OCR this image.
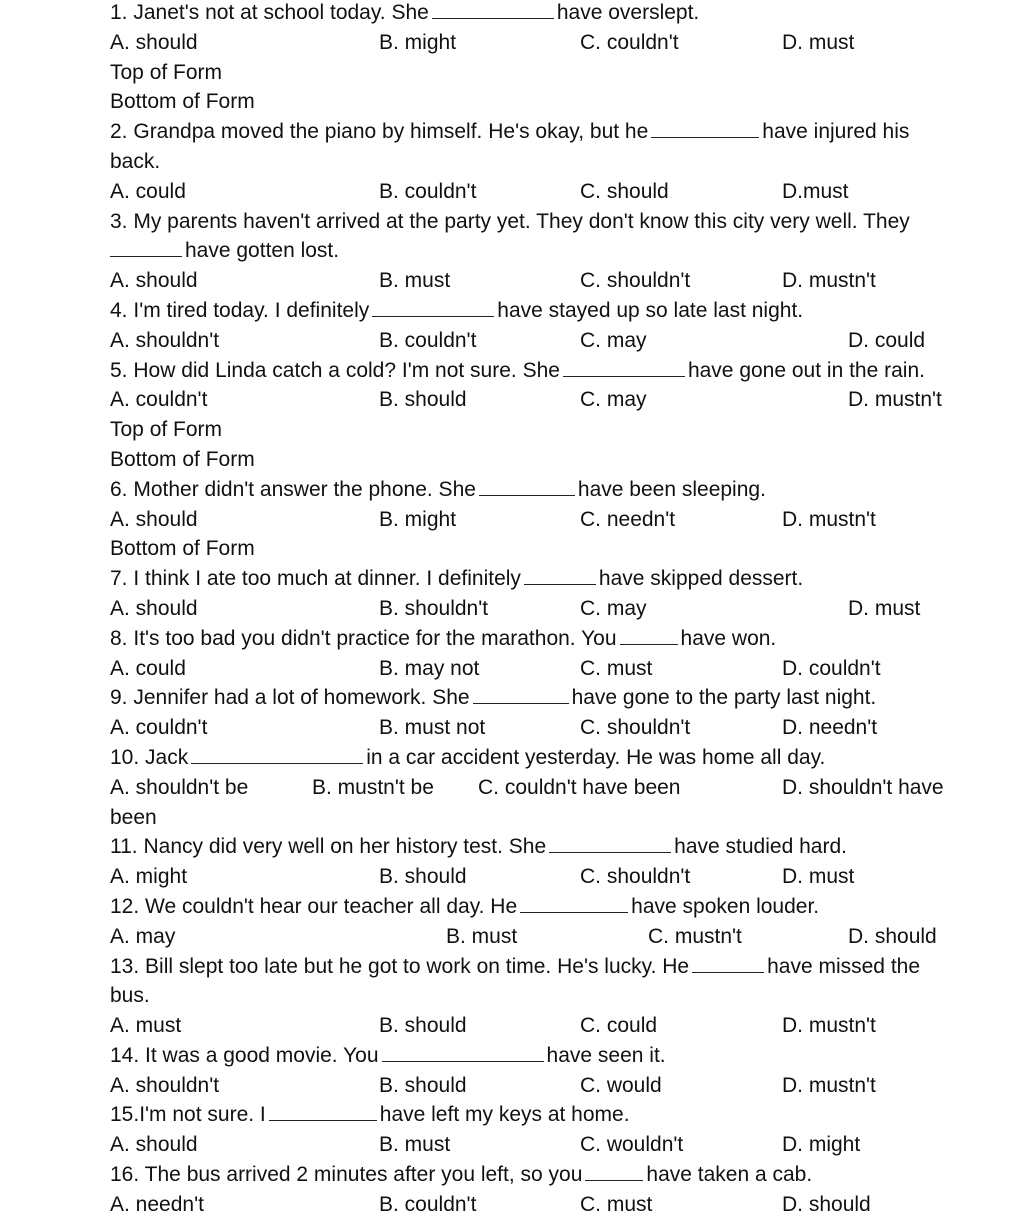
1. Janet's not at school today. She	have overslept.
A. should	B. might	C. couldn't	D. must
Top of Form
Bottom of Form
2. Grandpa moved the piano by himself. He's okay, but he	have injured his
back.
A. could	B. couldn't	C. should	D.must
3. My parents haven't arrived at the party yet. They don't know this city very well. They
have gotten lost.
A. should	B. must	C. shouldn't	D. mustn't
4. I'm tired today. I definitely	have stayed up so late last night.
A. shouldn't	B. couldn't	C. may	D. could
5. How did Linda catch a cold? I'm not sure. She	have gone out in the rain.
A. couldn't	B. should	C. may	D. mustn't
Top of Form
Bottom of Form
6. Mother didn't answer the phone. She	have been sleeping.
A. should	B. might	C. needn't	D. mustn't
Bottom of Form
7. I think I ate too much at dinner. I definitely	have skipped dessert.
A. should	B. shouldn't	C. may	D. must
8. It's too bad you didn't practice for the marathon. You	have won.
A. could	B. may not	C. must	D. couldn't
9. Jennifer had a lot of homework. She	have gone to the party last night.
A. couldn't	B. must not	C. shouldn't	D. needn't
10. Jack	in a car accident yesterday. He was home all day.
A. shouldn't be	B. mustn't be C. couldn't have been	D. shouldn't have
been
11. Nancy did very well on her history test. She	have studied hard.
A. might	B. should	C. shouldn't	D. must
12. We couldn't hear our teacher all day. He	have spoken louder.
A. may	B. must	C. mustn't	D. should
13. Bill slept too late but he got to work on time. He's lucky. He	have missed the
bus.
A. must	B. should	C. could	D. mustn't
14. It was a good movie. You	have seen it.
A. shouldn't	B. should	C. would	D. mustn't
15.I'm not sure. I	have left my keys at home.
A. should	B. must	C. wouldn't	D. might
16. The bus arrived 2 minutes after you left, so you	have taken a cab.
A. needn't	B. couldn't	C. must	D. should
